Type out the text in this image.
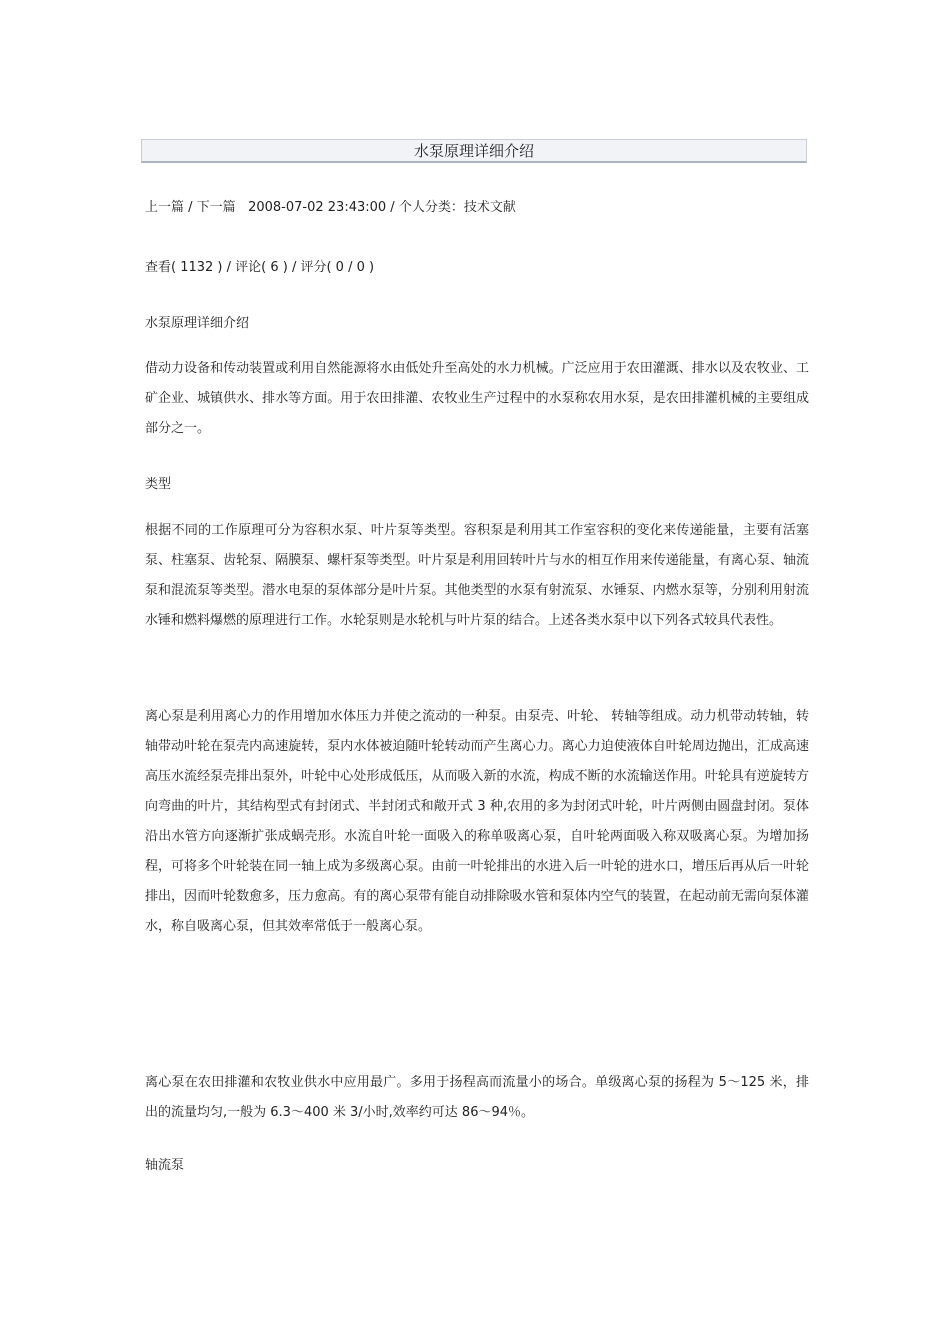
水泵原理详细介绍
上一篇 / 下一篇 2008-07-02 23:43:00 / 个人分类：技术文献
查看( 1132 ) / 评论( 6 ) / 评分( 0 / 0 )
水泵原理详细介绍
借动力设备和传动装置或利用自然能源将水由低处升至高处的水力机械。广泛应用于农田灌溉、排水以及农牧业、工矿企业、城镇供水、排水等方面。用于农田排灌、农牧业生产过程中的水泵称农用水泵，是农田排灌机械的主要组成部分之一。
类型
根据不同的工作原理可分为容积水泵、叶片泵等类型。容积泵是利用其工作室容积的变化来传递能量，主要有活塞泵、柱塞泵、齿轮泵、隔膜泵、螺杆泵等类型。叶片泵是利用回转叶片与水的相互作用来传递能量，有离心泵、轴流泵和混流泵等类型。潜水电泵的泵体部分是叶片泵。其他类型的水泵有射流泵、水锤泵、内燃水泵等，分别利用射流水锤和燃料爆燃的原理进行工作。水轮泵则是水轮机与叶片泵的结合。上述各类水泵中以下列各式较具代表性。
离心泵是利用离心力的作用增加水体压力并使之流动的一种泵。由泵壳、叶轮、 转轴等组成。动力机带动转轴，转轴带动叶轮在泵壳内高速旋转，泵内水体被迫随叶轮转动而产生离心力。离心力迫使液体自叶轮周边抛出，汇成高速高压水流经泵壳排出泵外，叶轮中心处形成低压，从而吸入新的水流，构成不断的水流输送作用。叶轮具有逆旋转方向弯曲的叶片，其结构型式有封闭式、半封闭式和敞开式 3 种,农用的多为封闭式叶轮，叶片两侧由圆盘封闭。泵体沿出水管方向逐渐扩张成蜗壳形。水流自叶轮一面吸入的称单吸离心泵，自叶轮两面吸入称双吸离心泵。为增加扬程，可将多个叶轮装在同一轴上成为多级离心泵。由前一叶轮排出的水进入后一叶轮的进水口，增压后再从后一叶轮排出，因而叶轮数愈多，压力愈高。有的离心泵带有能自动排除吸水管和泵体内空气的装置，在起动前无需向泵体灌水，称自吸离心泵，但其效率常低于一般离心泵。
离心泵在农田排灌和农牧业供水中应用最广。多用于扬程高而流量小的场合。单级离心泵的扬程为 5～125 米，排出的流量均匀,一般为 6.3～400 米 3/小时,效率约可达 86～94％。
轴流泵
